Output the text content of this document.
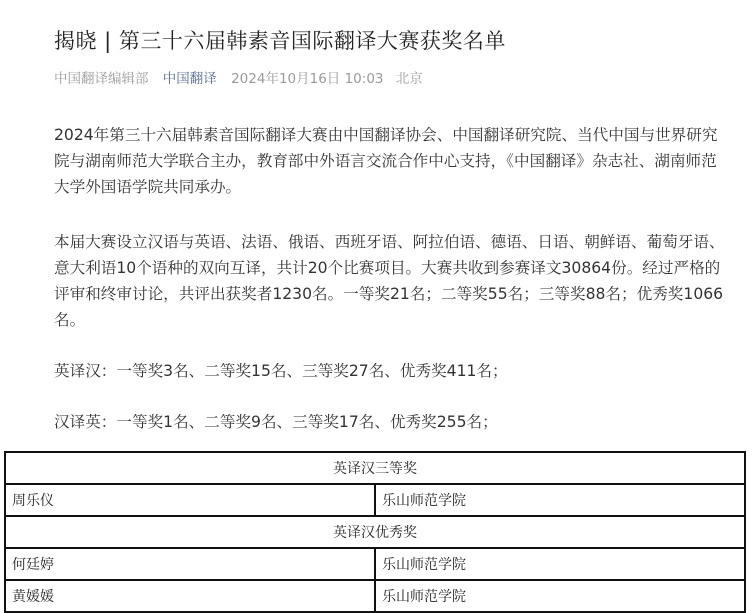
揭晓 | 第三十六届韩素音国际翻译大赛获奖名单
中国翻译编辑部 中国翻译 2024年10月16日 10:03 北京

2024年第三十六届韩素音国际翻译大赛由中国翻译协会、中国翻译研究院、当代中国与世界研究院与湖南师范大学联合主办，教育部中外语言交流合作中心支持，《中国翻译》杂志社、湖南师范大学外国语学院共同承办。

本届大赛设立汉语与英语、法语、俄语、西班牙语、阿拉伯语、德语、日语、朝鲜语、葡萄牙语、意大利语10个语种的双向互译，共计20个比赛项目。大赛共收到参赛译文30864份。经过严格的评审和终审讨论，共评出获奖者1230名。一等奖21名；二等奖55名；三等奖88名；优秀奖1066名。

英译汉：一等奖3名、二等奖15名、三等奖27名、优秀奖411名；

汉译英：一等奖1名、二等奖9名、三等奖17名、优秀奖255名；

英译汉三等奖	
周乐仪	乐山师范学院
英译汉优秀奖	
何廷婷	乐山师范学院
黄媛媛	乐山师范学院
